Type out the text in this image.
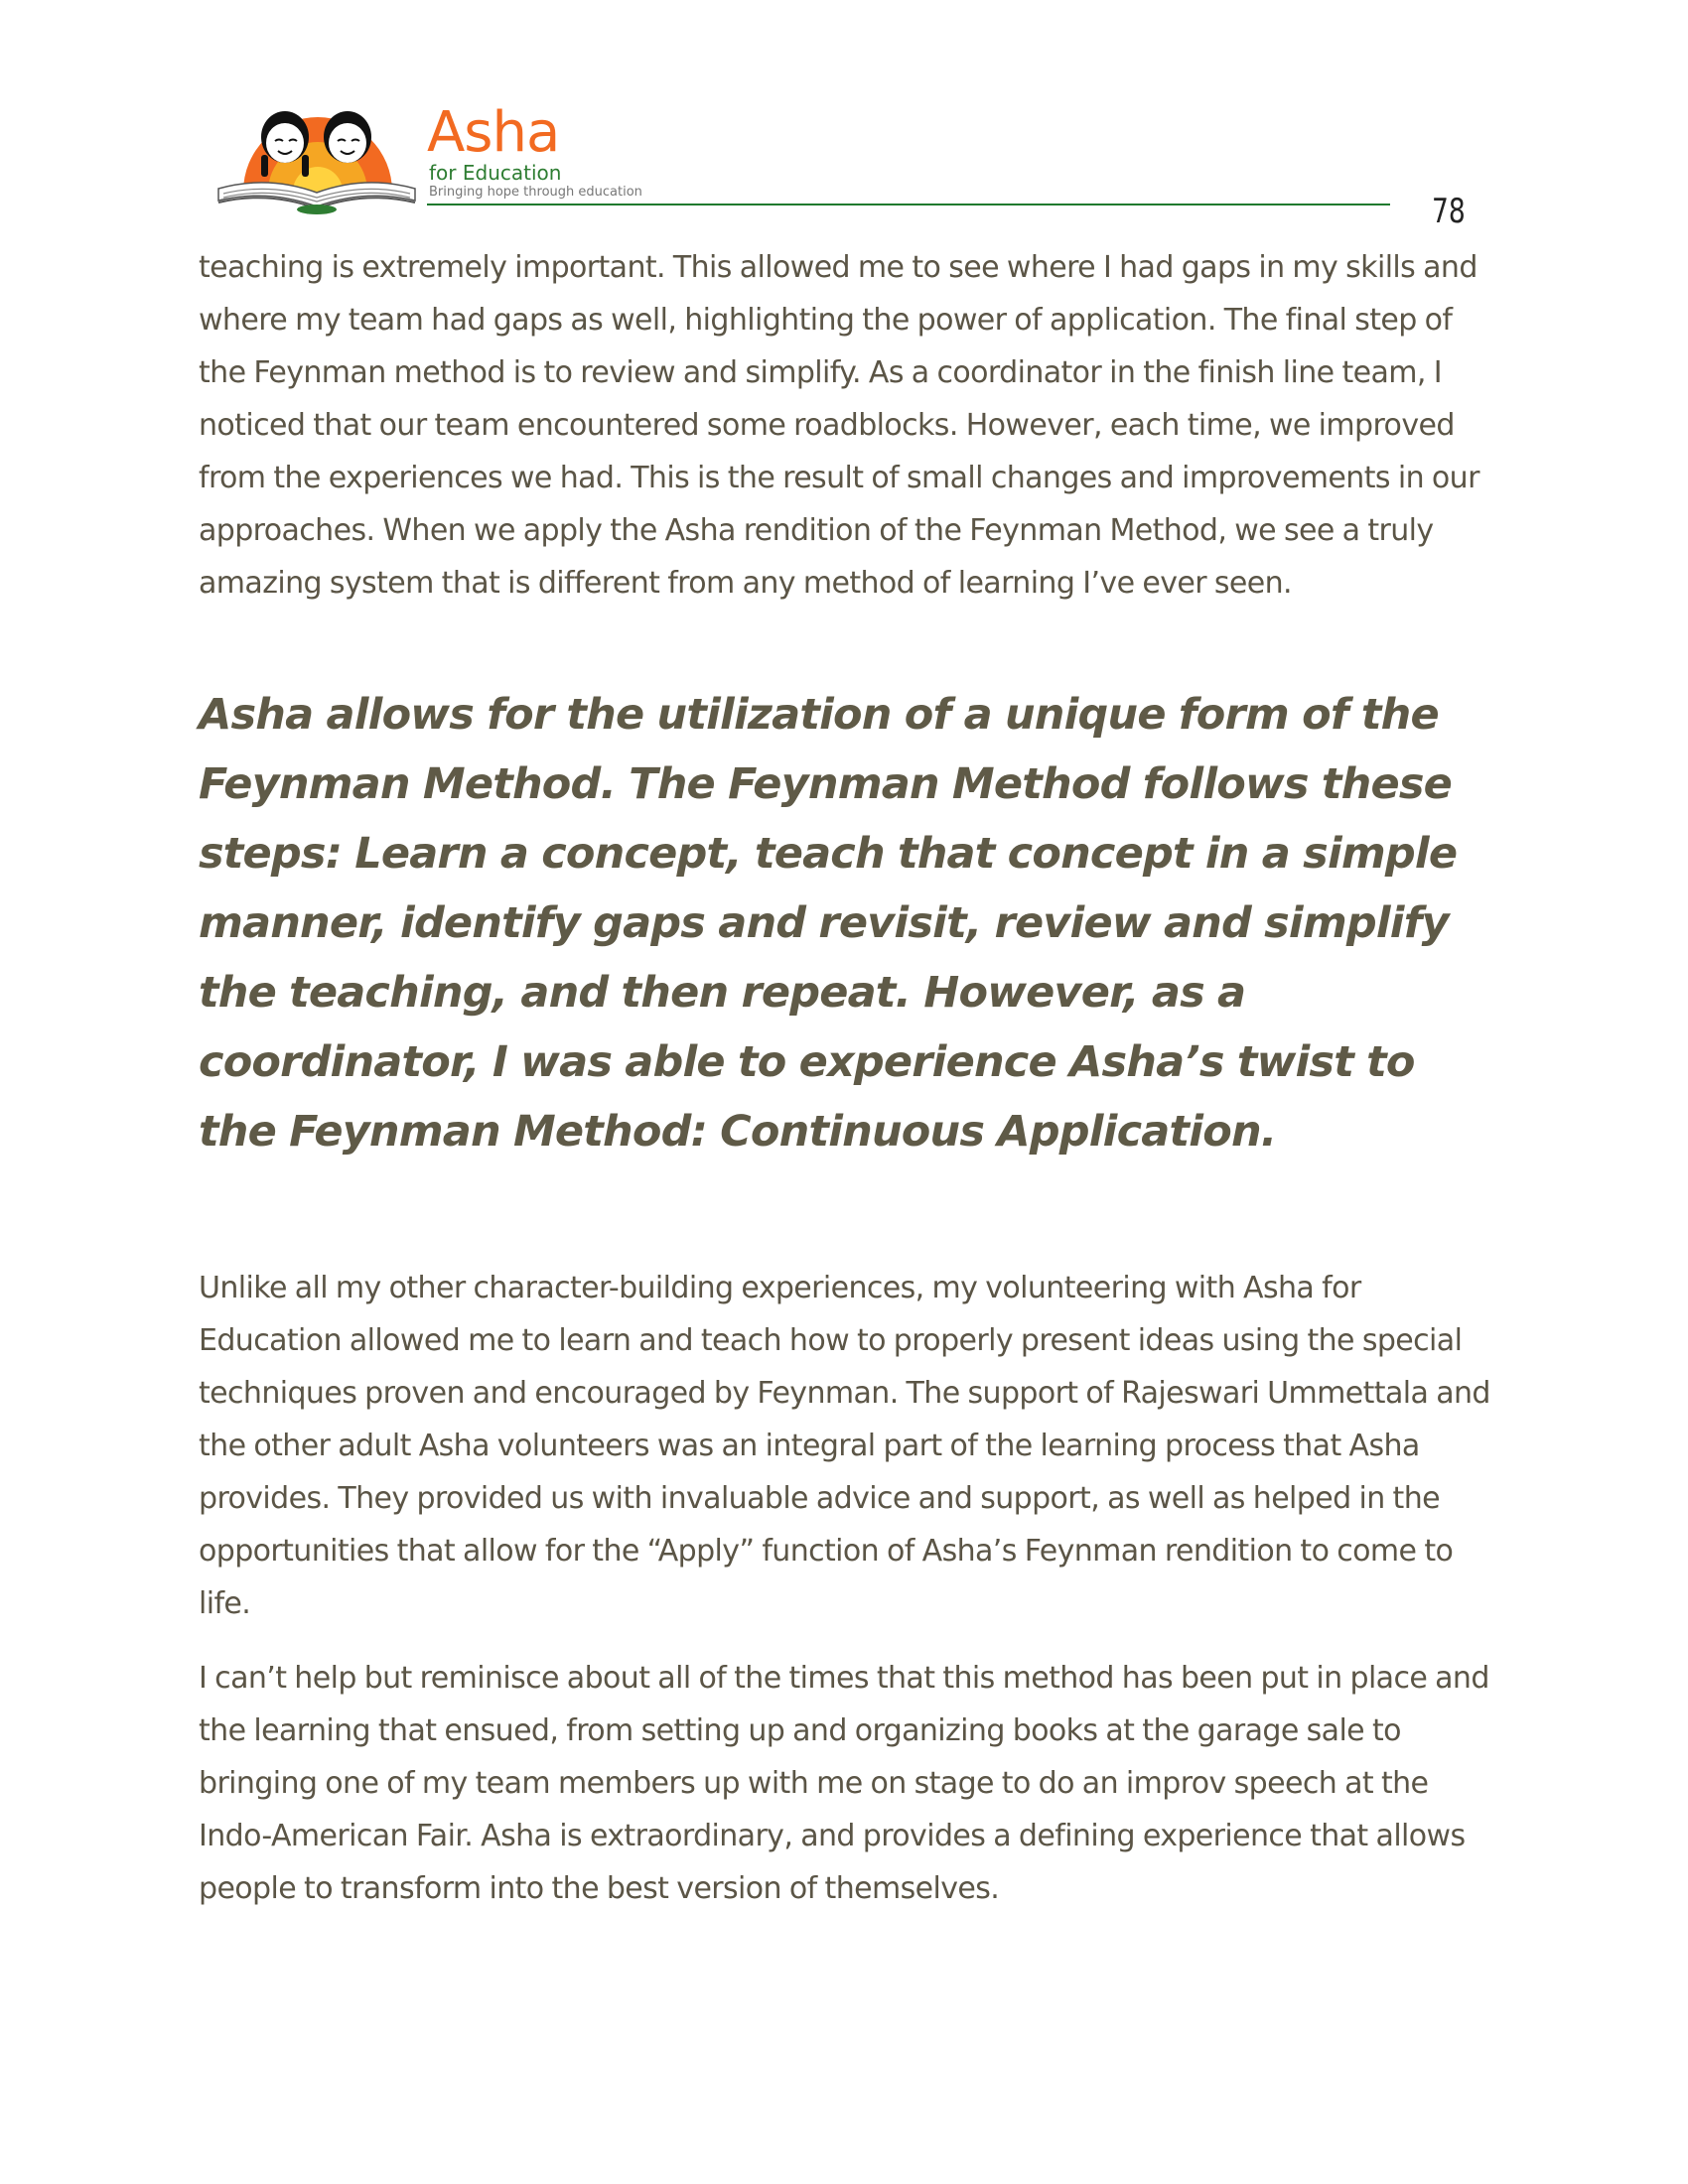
Asha
for Education
Bringing hope through education	78

teaching is extremely important. This allowed me to see where I had gaps in my skills and where my team had gaps as well, highlighting the power of application. The final step of the Feynman method is to review and simplify. As a coordinator in the finish line team, I noticed that our team encountered some roadblocks. However, each time, we improved from the experiences we had. This is the result of small changes and improvements in our approaches. When we apply the Asha rendition of the Feynman Method, we see a truly amazing system that is different from any method of learning I’ve ever seen.

Asha allows for the utilization of a unique form of the Feynman Method. The Feynman Method follows these steps: Learn a concept, teach that concept in a simple manner, identify gaps and revisit, review and simplify the teaching, and then repeat. However, as a coordinator, I was able to experience Asha’s twist to the Feynman Method: Continuous Application.

Unlike all my other character-building experiences, my volunteering with Asha for Education allowed me to learn and teach how to properly present ideas using the special techniques proven and encouraged by Feynman. The support of Rajeswari Ummettala and the other adult Asha volunteers was an integral part of the learning process that Asha provides. They provided us with invaluable advice and support, as well as helped in the opportunities that allow for the “Apply” function of Asha’s Feynman rendition to come to life.

I can’t help but reminisce about all of the times that this method has been put in place and the learning that ensued, from setting up and organizing books at the garage sale to bringing one of my team members up with me on stage to do an improv speech at the Indo-American Fair. Asha is extraordinary, and provides a defining experience that allows people to transform into the best version of themselves.
